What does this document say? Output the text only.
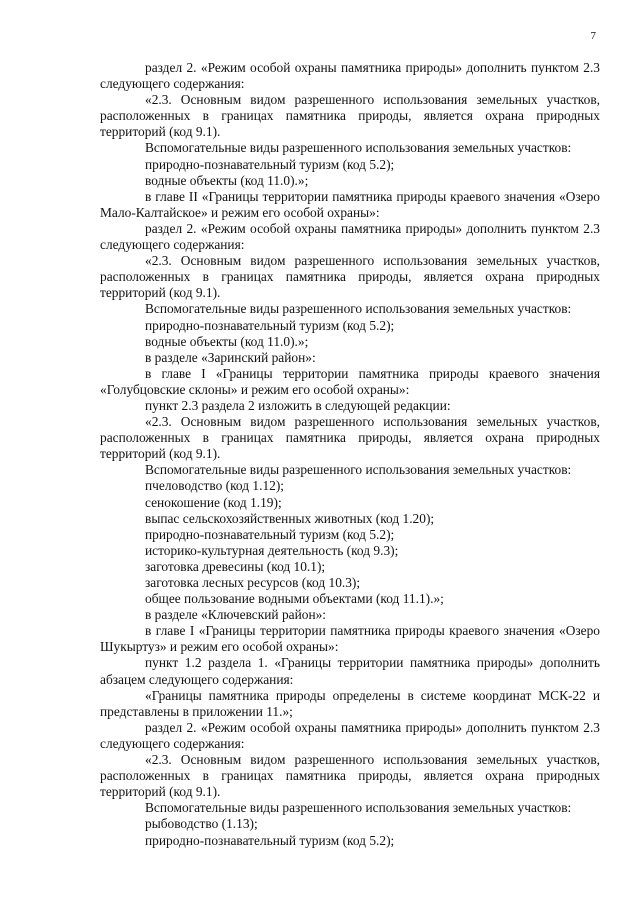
7

раздел 2. «Режим особой охраны памятника природы» дополнить пунктом 2.3 следующего содержания:

«2.3. Основным видом разрешенного использования земельных участков, расположенных в границах памятника природы, является охрана природных территорий (код 9.1).

Вспомогательные виды разрешенного использования земельных участков:

природно-познавательный туризм (код 5.2);

водные объекты (код 11.0).»;

в главе II «Границы территории памятника природы краевого значения «Озеро Мало-Калтайское» и режим его особой охраны»:

раздел 2. «Режим особой охраны памятника природы» дополнить пунктом 2.3 следующего содержания:

«2.3. Основным видом разрешенного использования земельных участков, расположенных в границах памятника природы, является охрана природных территорий (код 9.1).

Вспомогательные виды разрешенного использования земельных участков:

природно-познавательный туризм (код 5.2);

водные объекты (код 11.0).»;

в разделе «Заринский район»:

в главе I «Границы территории памятника природы краевого значения «Голубцовские склоны» и режим его особой охраны»:

пункт 2.3 раздела 2 изложить в следующей редакции:

«2.3. Основным видом разрешенного использования земельных участков, расположенных в границах памятника природы, является охрана природных территорий (код 9.1).

Вспомогательные виды разрешенного использования земельных участков:

пчеловодство (код 1.12);

сенокошение (код 1.19);

выпас сельскохозяйственных животных (код 1.20);

природно-познавательный туризм (код 5.2);

историко-культурная деятельность (код 9.3);

заготовка древесины (код 10.1);

заготовка лесных ресурсов (код 10.3);

общее пользование водными объектами (код 11.1).»;

в разделе «Ключевский район»:

в главе I «Границы территории памятника природы краевого значения «Озеро Шукыртуз» и режим его особой охраны»:

пункт 1.2 раздела 1. «Границы территории памятника природы» дополнить абзацем следующего содержания:

«Границы памятника природы определены в системе координат МСК-22 и представлены в приложении 11.»;

раздел 2. «Режим особой охраны памятника природы» дополнить пунктом 2.3 следующего содержания:

«2.3. Основным видом разрешенного использования земельных участков, расположенных в границах памятника природы, является охрана природных территорий (код 9.1).

Вспомогательные виды разрешенного использования земельных участков:

рыбоводство (1.13);

природно-познавательный туризм (код 5.2);
